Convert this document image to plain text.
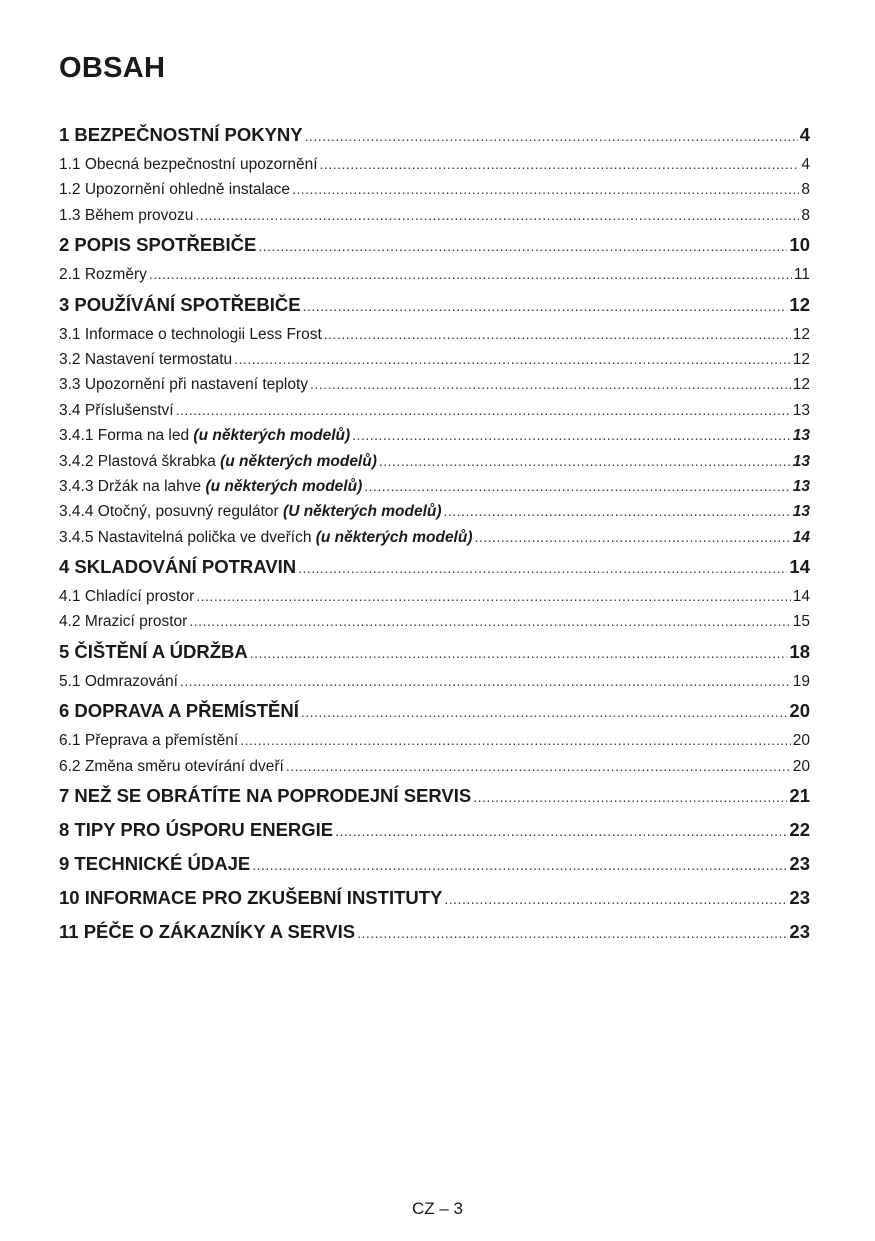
OBSAH
1 BEZPEČNOSTNÍ POKYNY .....	4
1.1 Obecná bezpečnostní upozornění .....	4
1.2 Upozornění ohledně instalace .....	8
1.3 Během provozu .....	8
2 POPIS SPOTŘEBIČE .....	10
2.1 Rozměry .....	11
3 POUŽÍVÁNÍ SPOTŘEBIČE .....	12
3.1 Informace o technologii Less Frost .....	12
3.2 Nastavení termostatu .....	12
3.3 Upozornění při nastavení teploty .....	12
3.4 Příslušenství .....	13
3.4.1 Forma na led (u některých modelů) .....	13
3.4.2 Plastová škrabka (u některých modelů) .....	13
3.4.3 Držák na lahve (u některých modelů) .....	13
3.4.4 Otočný, posuvný regulátor (U některých modelů) .....	13
3.4.5 Nastavitelná polička ve dveřích (u některých modelů) .....	14
4 SKLADOVÁNÍ POTRAVIN .....	14
4.1 Chladící prostor .....	14
4.2 Mrazicí prostor .....	15
5 ČIŠTĚNÍ A ÚDRŽBA .....	18
5.1 Odmrazování .....	19
6 DOPRAVA A PŘEMÍSTĚNÍ .....	20
6.1 Přeprava a přemístění .....	20
6.2 Změna směru otevírání dveří .....	20
7 NEŽ SE OBRÁTÍTE NA POPRODEJNÍ SERVIS .....	21
8 TIPY PRO ÚSPORU ENERGIE .....	22
9 TECHNICKÉ ÚDAJE .....	23
10 INFORMACE PRO ZKUŠEBNÍ INSTITUTY .....	23
11 PÉČE O ZÁKAZNÍKY A SERVIS .....	23
CZ – 3
